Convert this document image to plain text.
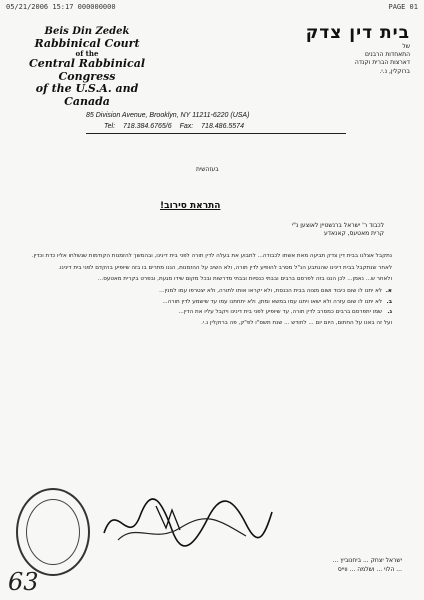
05/21/2006 15:17 000000000	PAGE 01
Beis Din Zedek
Rabbinical Court
of the
Central Rabbinical Congress
of the U.S.A. and Canada
בית דין צדק
של
התאחדות הרבנים
דארצות הברית וקנדה
ברוקלין, נ.י.
85 Division Avenue, Brooklyn, NY 11211-6220 (USA)
Tel: 718.384.6765/6 Fax: 718.486.5574
בעזהשית
התראת סירוב!
לכבוד ר' ישראל ברנשטיין לאוצען נ"י
קרית מאטעס, קאנאדע

נתקבל אצלנו בבית דין צדק תביעה מאת אשתו לכבודה... לתבוע את בעלה לדין תורה לפני בית דינינו, ובהמשך להזמנות הקודמות שנשלחו אליו כדת וכדין.

לאחר שנתקבל בבית דינינו שהנתבע הנ"ל מסרב להופיע לדין תורה, ולא השיב על ההזמנות, הננו מתרים בו בזה שיופיע בהקדם לפני בית דינינו.

ולאחר ש... נאמן... לכן הננו בזה לפרסם ברבים ובבתי כנסיות ובבתי מדרשות ובכל מקום שידו מגעת, ובפרט בקרית מאטעס...

א.
לא יתנו לו שום כיבוד ושום מצוה בבית הכנסת, ולא יקראו אותו לתורה, ולא יצטרפו עמו למנין...
ב.
לא יתנו לו שום עזרה ולא ישאו ויתנו עמו במשא ומתן, ולא יתחתנו עמו עד שישמע לדין תורה...
ג.
שמו יתפרסם ברבים כמסרב לדין תורה, עד שיופיע לפני בית דינינו ויקבל עליו את הדין...

ועל זה באנו על החתום, היום יום ... לחודש ... שנת תשס"ו לפ"ק, פה ברוקלין נ.י.

ישראל יצחק ... ביחנוביץ ...
... הלוי ... ושלמה ... ווייס
63
